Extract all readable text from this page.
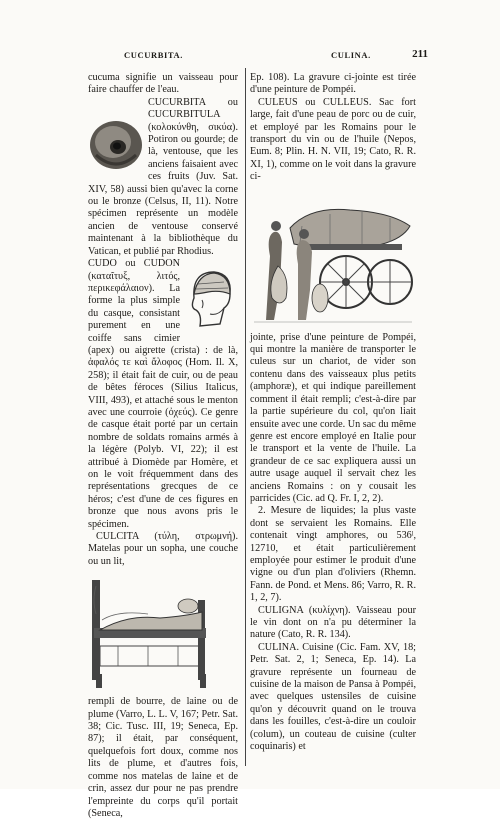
CUCURBITA.	CULINA.	211

cucuma signifie un vaisseau pour faire chauffer de l'eau.

CUCURBITA ou CUCURBITULA (κολοκύνθη, σικύα). Potiron ou gourde; de là, ventouse, que les anciens faisaient avec ces fruits (Juv. Sat. XIV, 58) aussi bien qu'avec la corne ou le bronze (Celsus, II, 11). Notre spécimen représente un modèle ancien de ventouse conservé maintenant à la bibliothèque du Vatican, et publié par Rhodius.

CUDO ou CUDON (καταῖτυξ, λιτός, περικεφάλαιον). La forme la plus simple du casque, consistant purement en une coiffe sans cimier (apex) ou aigrette (crista) : de là, ἀφαλός τε καὶ ἄλοφος (Hom. Il. X, 258); il était fait de cuir, ou de peau de bêtes féroces (Silius Italicus, VIII, 493), et attaché sous le menton avec une courroie (ὀχεύς). Ce genre de casque était porté par un certain nombre de soldats romains armés à la légère (Polyb. VI, 22); il est attribué à Diomède par Homère, et on le voit fréquemment dans des représentations grecques de ce héros; c'est d'une de ces figures en bronze que nous avons pris le spécimen.

CULCITA (τύλη, στρωμνή). Matelas pour un sopha, une couche ou un lit,

rempli de bourre, de laine ou de plume (Varro, L. L. V, 167; Petr. Sat. 38; Cic. Tusc. III, 19; Seneca, Ep. 87); il était, par conséquent, quelquefois fort doux, comme nos lits de plume, et d'autres fois, comme nos matelas de laine et de crin, assez dur pour ne pas prendre l'empreinte du corps qu'il portait (Seneca,

Ep. 108). La gravure ci-jointe est tirée d'une peinture de Pompéi.

CULEUS ou CULLEUS. Sac fort large, fait d'une peau de porc ou de cuir, et employé par les Romains pour le transport du vin ou de l'huile (Nepos, Eum. 8; Plin. H. N. VII, 19; Cato, R. R. XI, 1), comme on le voit dans la gravure ci-

jointe, prise d'une peinture de Pompéi, qui montre la manière de transporter le culeus sur un chariot, de vider son contenu dans des vaisseaux plus petits (amphoræ), et qui indique pareillement comment il était rempli; c'est-à-dire par la partie supérieure du col, qu'on liait ensuite avec une corde. Un sac du même genre est encore employé en Italie pour le transport et la vente de l'huile. La grandeur de ce sac expliquera aussi un autre usage auquel il servait chez les anciens Romains : on y cousait les parricides (Cic. ad Q. Fr. I, 2, 2).

2. Mesure de liquides; la plus vaste dont se servaient les Romains. Elle contenait vingt amphores, ou 536ˡ, 12710, et était particulièrement employée pour estimer le produit d'une vigne ou d'un plan d'oliviers (Rhemn. Fann. de Pond. et Mens. 86; Varro, R. R. 1, 2, 7).

CULIGNA (κυλίχνη). Vaisseau pour le vin dont on n'a pu déterminer la nature (Cato, R. R. 134).

CULINA. Cuisine (Cic. Fam. XV, 18; Petr. Sat. 2, 1; Seneca, Ep. 14). La gravure représente un fourneau de cuisine de la maison de Pansa à Pompéi, avec quelques ustensiles de cuisine qu'on y découvrit quand on le trouva dans les fouilles, c'est-à-dire un couloir (colum), un couteau de cuisine (culter coquinaris) et
